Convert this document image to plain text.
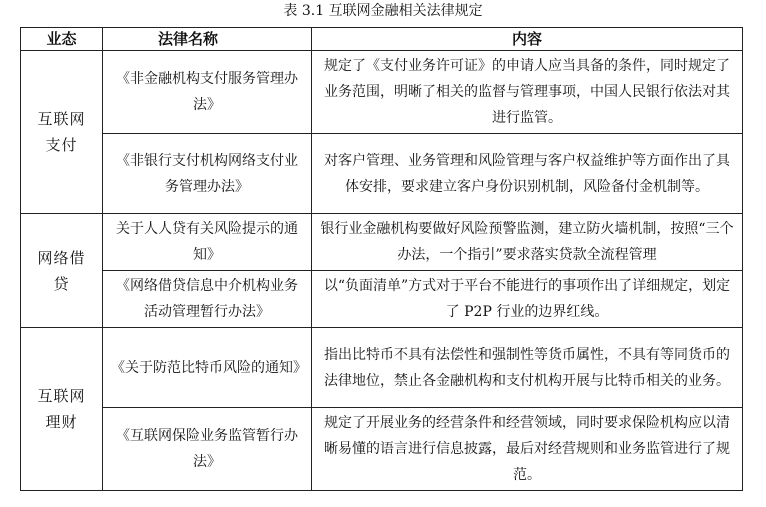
表 3.1 互联网金融相关法律规定
业态	法律名称	内容
互联网支付	《非金融机构支付服务管理办法》	规定了《支付业务许可证》的申请人应当具备的条件，同时规定了业务范围，明晰了相关的监督与管理事项，中国人民银行依法对其进行监管。
	《非银行支付机构网络支付业务管理办法》	对客户管理、业务管理和风险管理与客户权益维护等方面作出了具体安排，要求建立客户身份识别机制，风险备付金机制等。
网络借贷	关于人人贷有关风险提示的通知》	银行业金融机构要做好风险预警监测，建立防火墙机制，按照“三个办法，一个指引”要求落实贷款全流程管理
	《网络借贷信息中介机构业务活动管理暂行办法》	以“负面清单”方式对于平台不能进行的事项作出了详细规定，划定了 P2P 行业的边界红线。
互联网理财	《关于防范比特币风险的通知》	指出比特币不具有法偿性和强制性等货币属性，不具有等同货币的法律地位，禁止各金融机构和支付机构开展与比特币相关的业务。
	《互联网保险业务监管暂行办法》	规定了开展业务的经营条件和经营领域，同时要求保险机构应以清晰易懂的语言进行信息披露，最后对经营规则和业务监管进行了规范。
